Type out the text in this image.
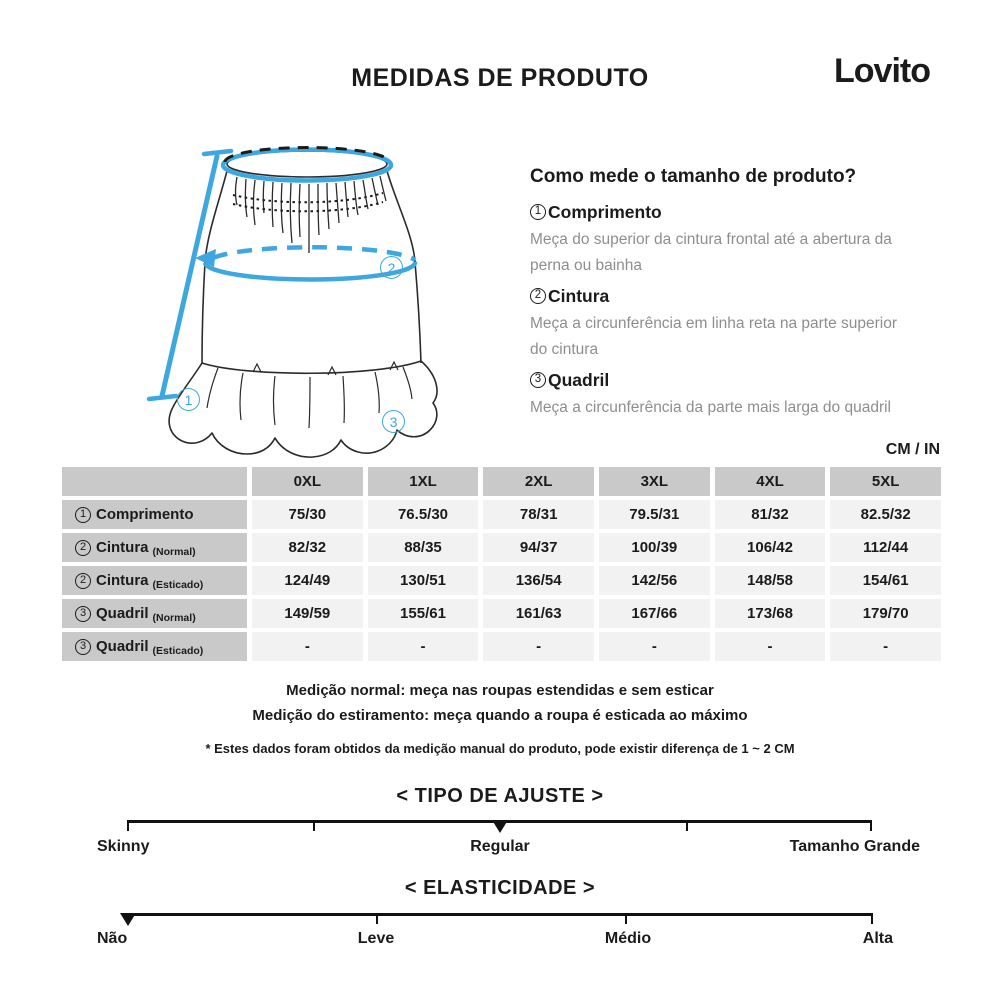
MEDIDAS DE PRODUTO	Lovito
1
2
3
Como mede o tamanho de produto?
1 Comprimento

Meça do superior da cintura frontal até a abertura da perna ou bainha

2 Cintura

Meça a circunferência em linha reta na parte superior do cintura

3 Quadril

Meça a circunferência da parte mais larga do quadril

CM / IN
0XL	1XL	2XL	3XL	4XL	5XL
1 Comprimento	75/30	76.5/30	78/31	79.5/31	81/32	82.5/32
2 Cintura (Normal)	82/32	88/35	94/37	100/39	106/42	112/44
2 Cintura (Esticado)	124/49	130/51	136/54	142/56	148/58	154/61
3 Quadril (Normal)	149/59	155/61	161/63	167/66	173/68	179/70
3 Quadril (Esticado)	-	-	-	-	-	-

Medição normal: meça nas roupas estendidas e sem esticar

Medição do estiramento: meça quando a roupa é esticada ao máximo

* Estes dados foram obtidos da medição manual do produto, pode existir diferença de 1 ~ 2 CM

< TIPO DE AJUSTE >
Skinny	Regular	Tamanho Grande
< ELASTICIDADE >
Não	Leve	Médio	Alta
